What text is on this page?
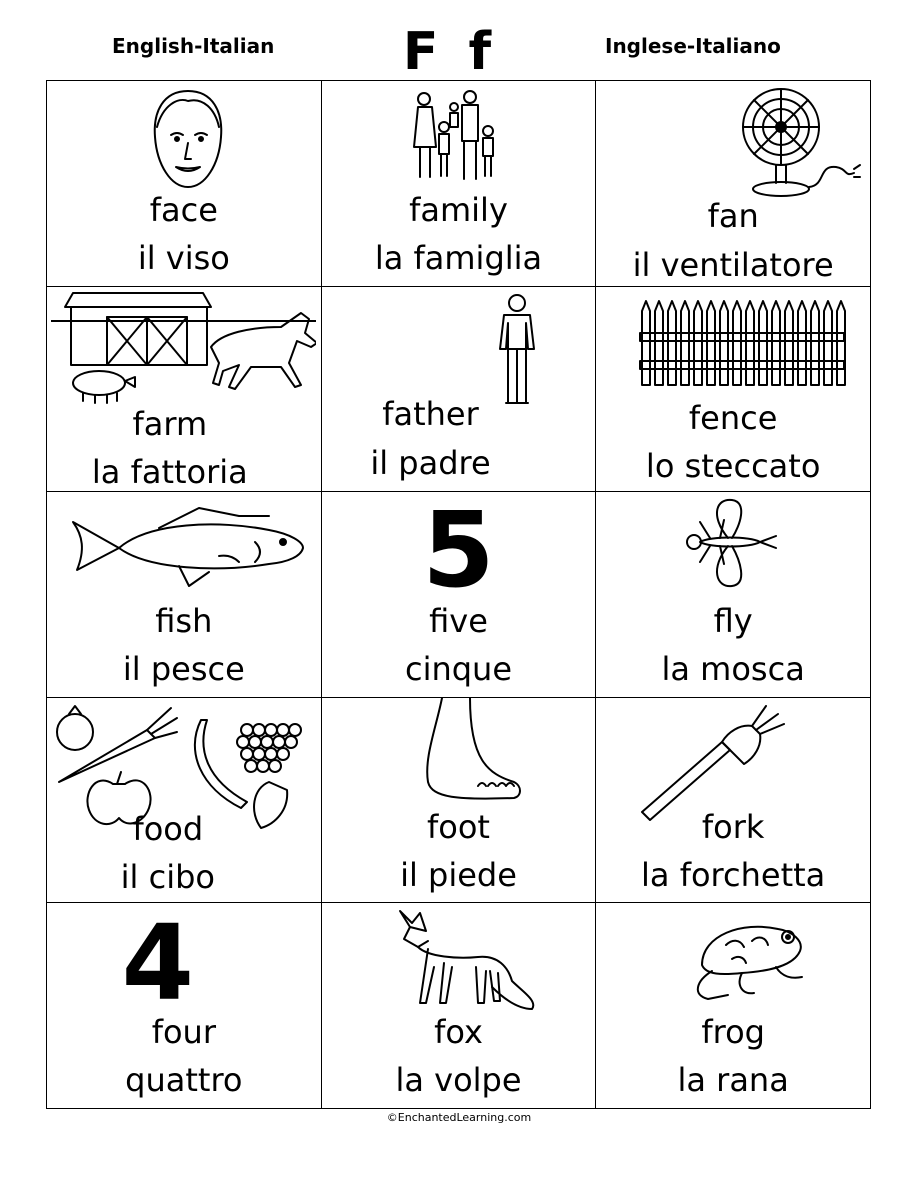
English-Italian F f	Inglese-Italiano
face
il viso
family
la famiglia
fan
il ventilatore
farm
la fattoria
father
il padre
fence
lo steccato
fish
il pesce
5
five
cinque
fly
la mosca
food
il cibo
foot
il piede
fork
la forchetta
4
four
quattro
fox
la volpe
frog
la rana
©EnchantedLearning.com
